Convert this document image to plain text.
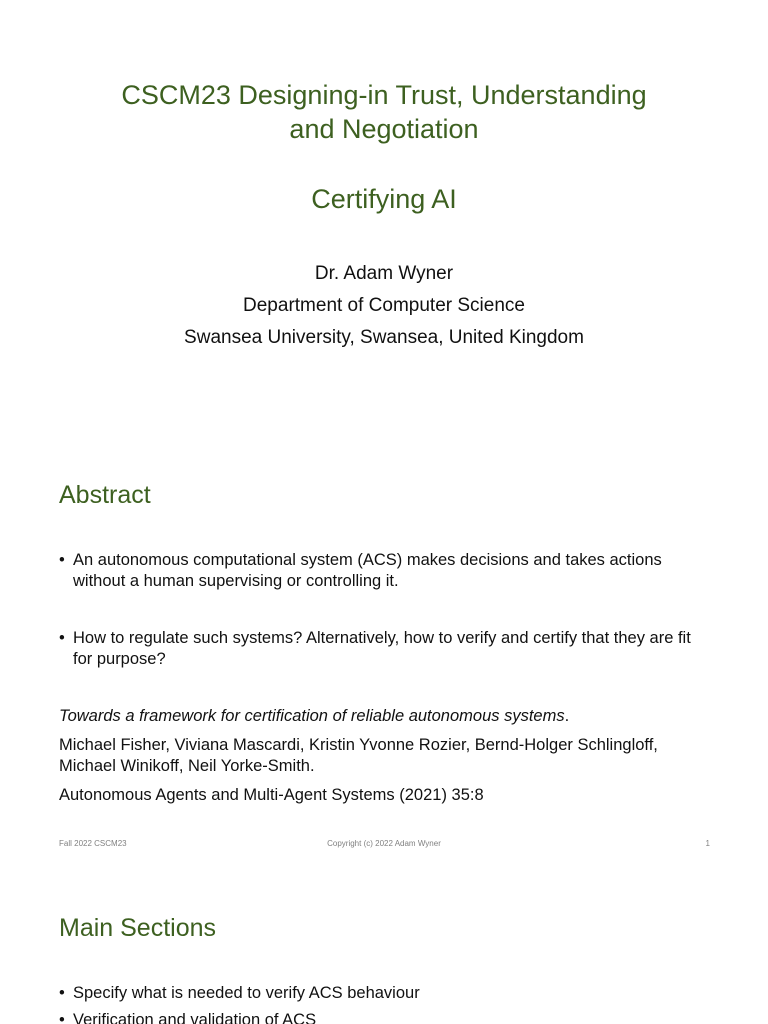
CSCM23 Designing-in Trust, Understanding
and Negotiation
Certifying AI
Dr. Adam Wyner
Department of Computer Science
Swansea University, Swansea, United Kingdom
Abstract
• An autonomous computational system (ACS) makes decisions and takes actions without a human supervising or controlling it.
• How to regulate such systems? Alternatively, how to verify and certify that they are fit for purpose?
Towards a framework for certification of reliable autonomous systems.
Michael Fisher, Viviana Mascardi, Kristin Yvonne Rozier, Bernd-Holger Schlingloff, Michael Winikoff, Neil Yorke-Smith.
Autonomous Agents and Multi-Agent Systems (2021) 35:8
Fall 2022 CSCM23	Copyright (c) 2022 Adam Wyner	1
Main Sections
• Specify what is needed to verify ACS behaviour
• Verification and validation of ACS
